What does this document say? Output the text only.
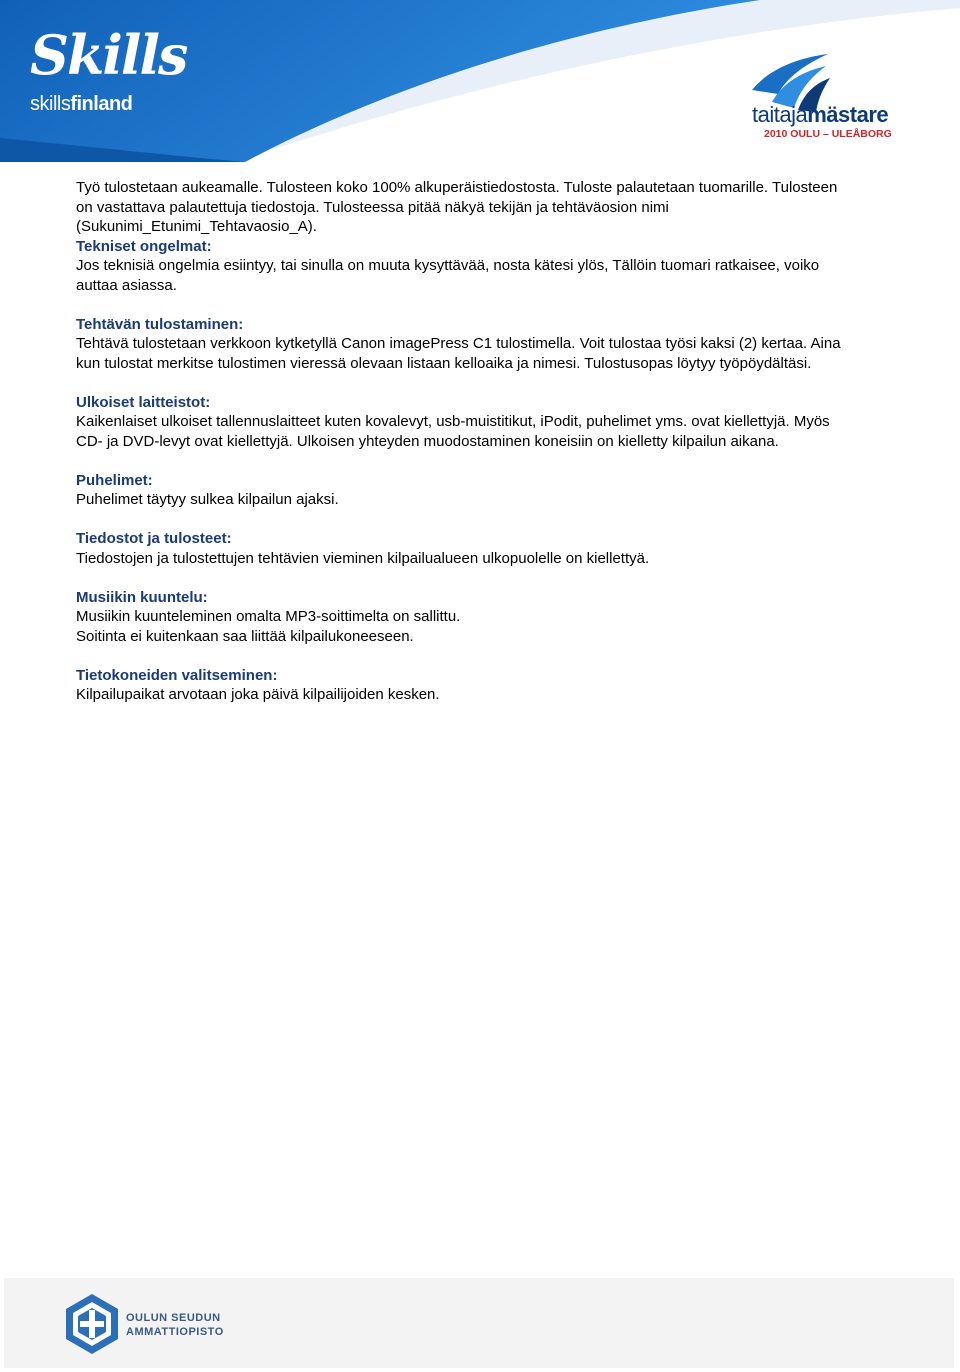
Skills
skillsfinland	taitajamästare
2010 OULU – ULEÅBORG

Työ tulostetaan aukeamalle. Tulosteen koko 100% alkuperäistiedostosta. Tuloste palautetaan tuomarille. Tulosteen on vastattava palautettuja tiedostoja. Tulosteessa pitää näkyä tekijän ja tehtäväosion nimi (Sukunimi_Etunimi_Tehtavaosio_A).

Tekniset ongelmat:

Jos teknisiä ongelmia esiintyy, tai sinulla on muuta kysyttävää, nosta kätesi ylös, Tällöin tuomari ratkaisee, voiko auttaa asiassa.

Tehtävän tulostaminen:

Tehtävä tulostetaan verkkoon kytketyllä Canon imagePress C1 tulostimella. Voit tulostaa työsi kaksi (2) kertaa. Aina kun tulostat merkitse tulostimen vieressä olevaan listaan kelloaika ja nimesi. Tulostusopas löytyy työpöydältäsi.

Ulkoiset laitteistot:

Kaikenlaiset ulkoiset tallennuslaitteet kuten kovalevyt, usb-muistitikut, iPodit, puhelimet yms. ovat kiellettyjä. Myös CD- ja DVD-levyt ovat kiellettyjä. Ulkoisen yhteyden muodostaminen koneisiin on kielletty kilpailun aikana.

Puhelimet:

Puhelimet täytyy sulkea kilpailun ajaksi.

Tiedostot ja tulosteet:

Tiedostojen ja tulostettujen tehtävien vieminen kilpailualueen ulkopuolelle on kiellettyä.

Musiikin kuuntelu:

Musiikin kuunteleminen omalta MP3-soittimelta on sallittu.

Soitinta ei kuitenkaan saa liittää kilpailukoneeseen.

Tietokoneiden valitseminen:

Kilpailupaikat arvotaan joka päivä kilpailijoiden kesken.

OULUN SEUDUN
AMMATTIOPISTO
